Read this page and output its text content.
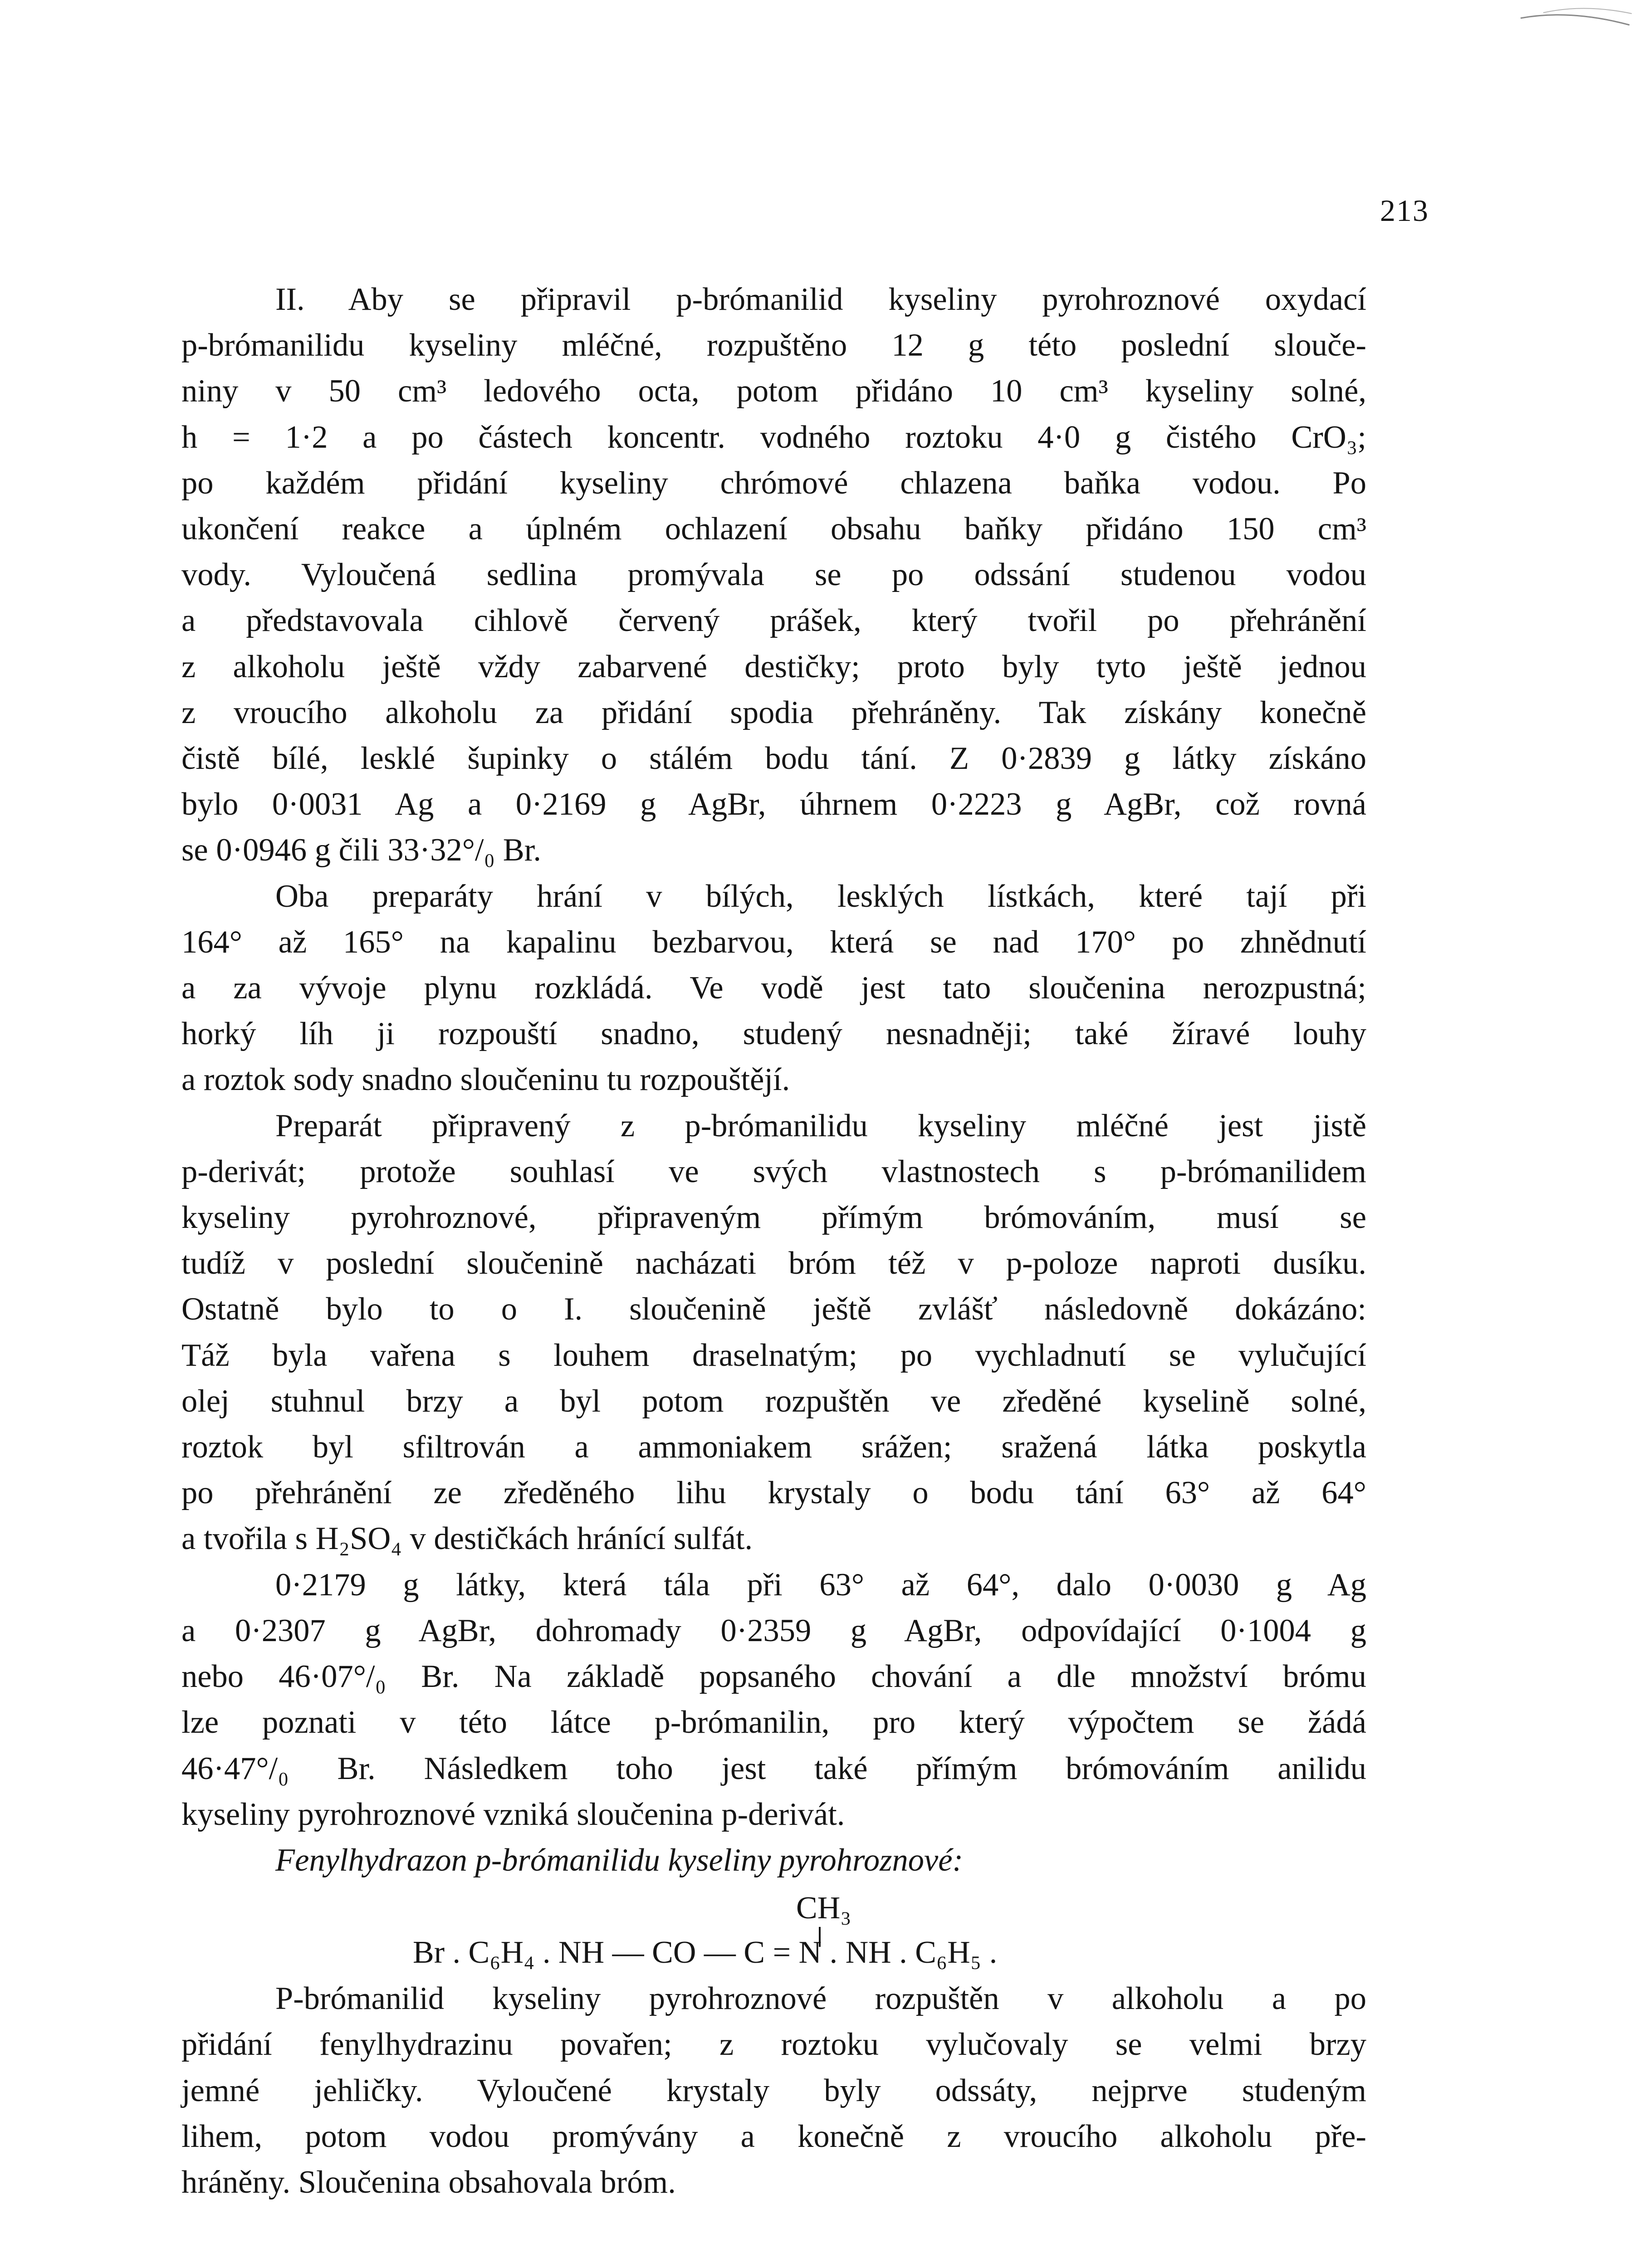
213
II. Aby se připravil p-brómanilid kyseliny pyrohroznové oxydací
p-brómanilidu kyseliny mléčné, rozpuštěno 12 g této poslední slouče-
niny v 50 cm³ ledového octa, potom přidáno 10 cm³ kyseliny solné,
h = 1·2 a po částech koncentr. vodného roztoku 4·0 g čistého CrO₃;
po každém přidání kyseliny chrómové chlazena baňka vodou. Po
ukončení reakce a úplném ochlazení obsahu baňky přidáno 150 cm³
vody. Vyloučená sedlina promývala se po odssání studenou vodou
a představovala cihlově červený prášek, který tvořil po přehránění
z alkoholu ještě vždy zabarvené destičky; proto byly tyto ještě jednou
z vroucího alkoholu za přidání spodia přehráněny. Tak získány konečně
čistě bílé, lesklé šupinky o stálém bodu tání. Z 0·2839 g látky získáno
bylo 0·0031 Ag a 0·2169 g AgBr, úhrnem 0·2223 g AgBr, což rovná
se 0·0946 g čili 33·32°/₀ Br.
Oba preparáty hrání v bílých, lesklých lístkách, které tají při
164° až 165° na kapalinu bezbarvou, která se nad 170° po zhnědnutí
a za vývoje plynu rozkládá. Ve vodě jest tato sloučenina nerozpustná;
horký líh ji rozpouští snadno, studený nesnadněji; také žíravé louhy
a roztok sody snadno sloučeninu tu rozpouštějí.
Preparát připravený z p-brómanilidu kyseliny mléčné jest jistě
p-derivát; protože souhlasí ve svých vlastnostech s p-brómanilidem
kyseliny pyrohroznové, připraveným přímým brómováním, musí se
tudíž v poslední sloučenině nacházati bróm též v p-poloze naproti dusíku.
Ostatně bylo to o I. sloučenině ještě zvlášť následovně dokázáno:
Táž byla vařena s louhem draselnatým; po vychladnutí se vylučující
olej stuhnul brzy a byl potom rozpuštěn ve zředěné kyselině solné,
roztok byl sfiltrován a ammoniakem srážen; sražená látka poskytla
po přehránění ze zředěného lihu krystaly o bodu tání 63° až 64°
a tvořila s H₂SO₄ v destičkách hránící sulfát.
0·2179 g látky, která tála při 63° až 64°, dalo 0·0030 g Ag
a 0·2307 g AgBr, dohromady 0·2359 g AgBr, odpovídající 0·1004 g
nebo 46·07°/₀ Br. Na základě popsaného chování a dle množství brómu
lze poznati v této látce p-brómanilin, pro který výpočtem se žádá
46·47°/₀ Br. Následkem toho jest také přímým brómováním anilidu
kyseliny pyrohroznové vzniká sloučenina p-derivát.
Fenylhydrazon p-brómanilidu kyseliny pyrohroznové:
CH₃
Br . C₆H₄ . NH — CO — C = N . NH . C₆H₅ .
P-brómanilid kyseliny pyrohroznové rozpuštěn v alkoholu a po
přidání fenylhydrazinu povařen; z roztoku vylučovaly se velmi brzy
jemné jehličky. Vyloučené krystaly byly odssáty, nejprve studeným
lihem, potom vodou promývány a konečně z vroucího alkoholu pře-
hráněny. Sloučenina obsahovala bróm.
